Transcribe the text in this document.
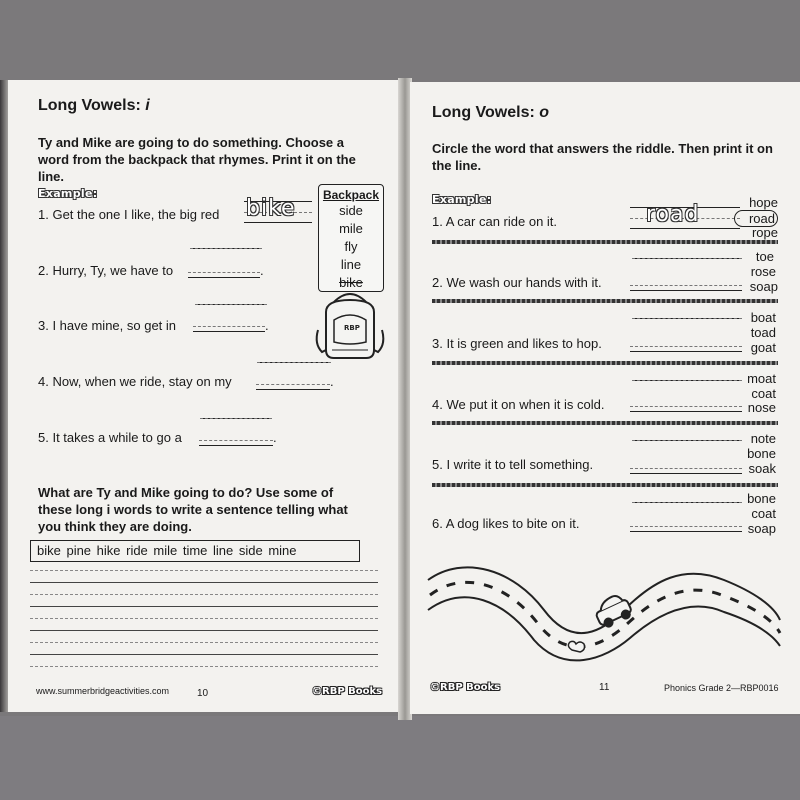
Long Vowels: i
Ty and Mike are going to do something. Choose a word from the backpack that rhymes. Print it on the line.
Example:
1. Get the one I like, the big red bike
2. Hurry, Ty, we have to	.
3. I have mine, so get in	.
4. Now, when we ride, stay on my	.
5. It takes a while to go a	.
Backpack
side
mile
fly
line
bike
RBP
What are Ty and Mike going to do? Use some of these long i words to write a sentence telling what you think they are doing.
bike pine hike ride mile time line side mine
www.summerbridgeactivities.com	10	©RBP Books
Long Vowels: o
Circle the word that answers the riddle. Then print it on the line.
Example:
1. A car can ride on it.	road	hope
road
rope
2. We wash our hands with it.
toe
rose
soap
3. It is green and likes to hop.
boat
toad
goat
4. We put it on when it is cold.
moat
coat
nose
5. I write it to tell something.
note
bone
soak
6. A dog likes to bite on it.
bone
coat
soap
©RBP Books	11	Phonics Grade 2—RBP0016
